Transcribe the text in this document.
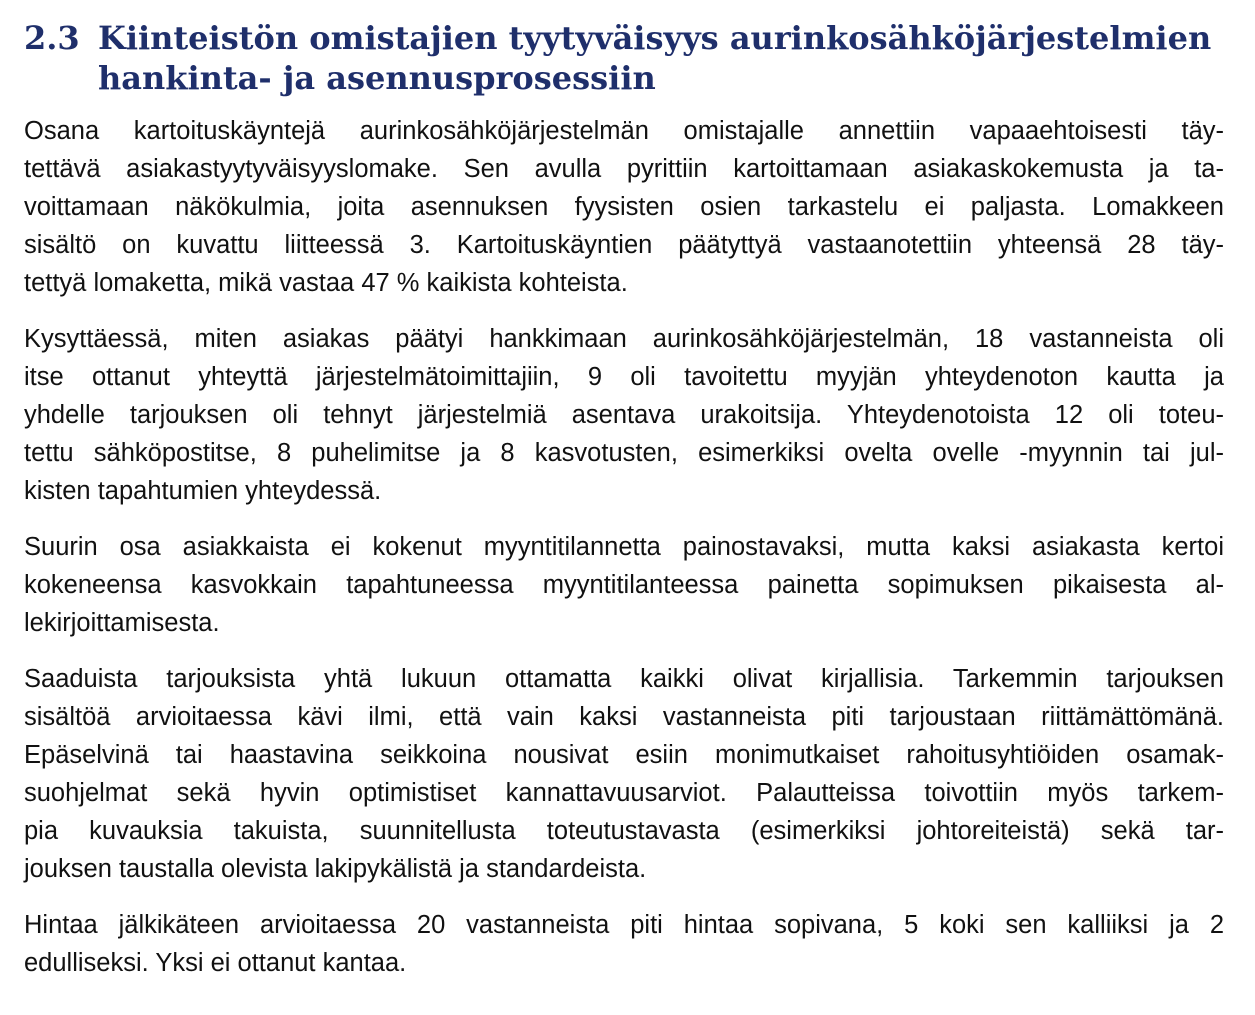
2.3 Kiinteistön omistajien tyytyväisyys aurinkosähköjärjestelmien
hankinta- ja asennusprosessiin

Osana kartoituskäyntejä aurinkosähköjärjestelmän omistajalle annettiin vapaaehtoisesti täy-
tettävä asiakastyytyväisyyslomake. Sen avulla pyrittiin kartoittamaan asiakaskokemusta ja ta-
voittamaan näkökulmia, joita asennuksen fyysisten osien tarkastelu ei paljasta. Lomakkeen
sisältö on kuvattu liitteessä 3. Kartoituskäyntien päätyttyä vastaanotettiin yhteensä 28 täy-
tettyä lomaketta, mikä vastaa 47 % kaikista kohteista.

Kysyttäessä, miten asiakas päätyi hankkimaan aurinkosähköjärjestelmän, 18 vastanneista oli
itse ottanut yhteyttä järjestelmätoimittajiin, 9 oli tavoitettu myyjän yhteydenoton kautta ja
yhdelle tarjouksen oli tehnyt järjestelmiä asentava urakoitsija. Yhteydenotoista 12 oli toteu-
tettu sähköpostitse, 8 puhelimitse ja 8 kasvotusten, esimerkiksi ovelta ovelle -myynnin tai jul-
kisten tapahtumien yhteydessä.

Suurin osa asiakkaista ei kokenut myyntitilannetta painostavaksi, mutta kaksi asiakasta kertoi
kokeneensa kasvokkain tapahtuneessa myyntitilanteessa painetta sopimuksen pikaisesta al-
lekirjoittamisesta.

Saaduista tarjouksista yhtä lukuun ottamatta kaikki olivat kirjallisia. Tarkemmin tarjouksen
sisältöä arvioitaessa kävi ilmi, että vain kaksi vastanneista piti tarjoustaan riittämättömänä.
Epäselvinä tai haastavina seikkoina nousivat esiin monimutkaiset rahoitusyhtiöiden osamak-
suohjelmat sekä hyvin optimistiset kannattavuusarviot. Palautteissa toivottiin myös tarkem-
pia kuvauksia takuista, suunnitellusta toteutustavasta (esimerkiksi johtoreiteistä) sekä tar-
jouksen taustalla olevista lakipykälistä ja standardeista.

Hintaa jälkikäteen arvioitaessa 20 vastanneista piti hintaa sopivana, 5 koki sen kalliiksi ja 2
edulliseksi. Yksi ei ottanut kantaa.
